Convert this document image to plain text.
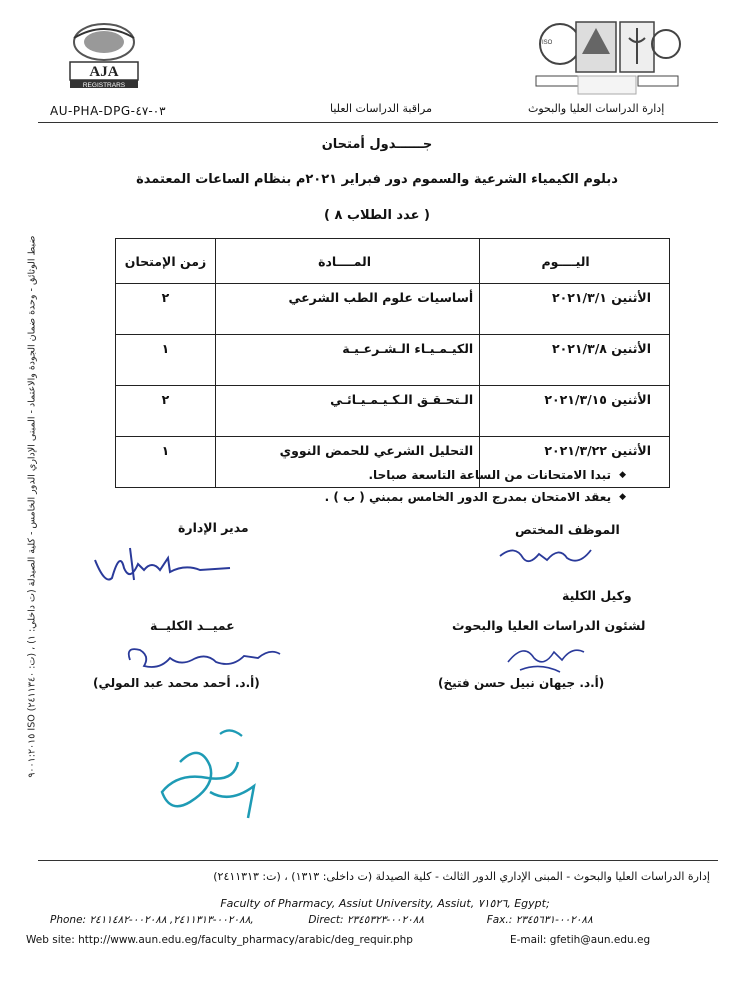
AJA
REGISTRARS
ISO
AU-PHA-DPG-٠٣-٤٧	مراقبة الدراسات العليا	إدارة الدراسات العليا والبحوث
جــــــدول أمتحان
دبلوم الكيمياء الشرعية والسموم دور فبراير ٢٠٢١م بنظام الساعات المعتمدة
( عدد الطلاب ٨ )
اليــــوم	المــــادة	زمن الإمتحان
الأثنين ٢٠٢١/٣/١	أساسيات علوم الطب الشرعي	٢
الأثنين ٢٠٢١/٣/٨	الكيـمـيـاء الـشـرعـيـة	١
الأثنين ٢٠٢١/٣/١٥	الـتحـقـق الـكـيـمـيـائـي	٢
الأثنين ٢٠٢١/٣/٢٢	التحليل الشرعي للحمض النووي	١
◆
تبدا الامتحانات من الساعة التاسعة صباحا.
◆
يعقد الامتحان بمدرج الدور الخامس بمبني ( ب ) .
مدير الإدارة	الموظف المختص
وكيل الكلية
لشئون الدراسات العليا والبحوث
عميــد الكليــة
(أ.د. أحمد محمد عبد المولي)	(أ.د. جيهان نبيل حسن فتيخ)
ضبط الوثائق - وحدة ضمان الجودة والاعتماد - المبنى الإداري الدور الخامس - كلية الصيدلة (ت داخلي: ١) ، (ت: ٢٤١١٣٤٠) ISO ٩٠٠١:٢٠١٥
إدارة الدراسات العليا والبحوث - المبنى الإداري الدور الثالث - كلية الصيدلة (ت داخلى: ١٣١٣) ، (ت: ٢٤١١٣١٣)
Faculty of Pharmacy, Assiut University, Assiut, ٧١٥٢٦, Egypt;
Phone: ٠٠٢٠٨٨-٢٤١١٣١٣, ٠٠٢٠٨٨-٢٤١١٤٨٢,	Direct: ٠٠٢٠٨٨-٢٣٤٥٣٢٣	Fax.: ٠٠٢٠٨٨-٢٣٤٥٦٣١
Web site: http://www.aun.edu.eg/faculty_pharmacy/arabic/deg_requir.php	E-mail: gfetih@aun.edu.eg
